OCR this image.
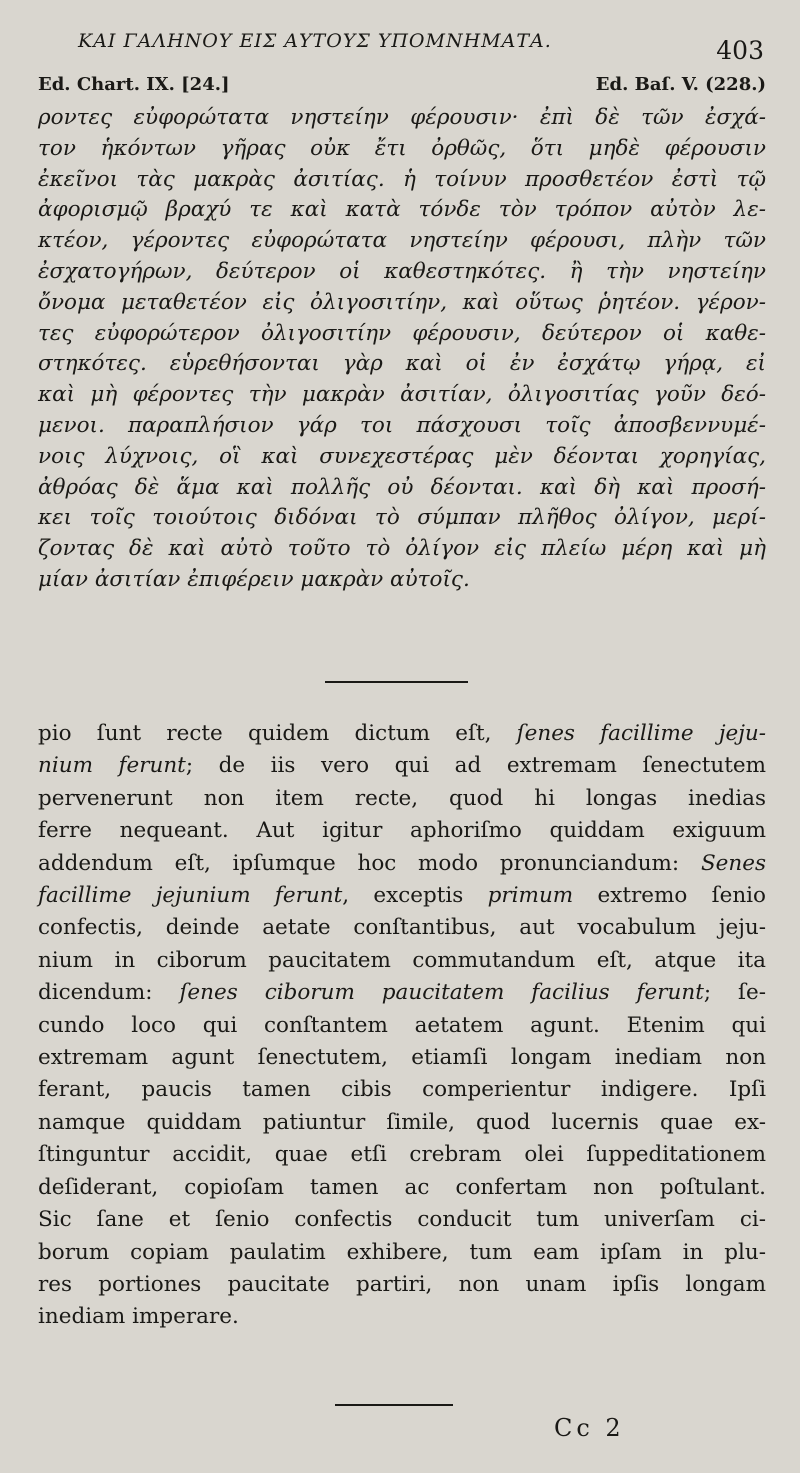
ΚΑΙ ΓΑΛΗΝΟΥ ΕΙΣ ΑΥΤΟΥΣ ΥΠΟΜΝΗΜΑΤΑ.	403
Ed. Chart. IX. [24.]	Ed. Baſ. V. (228.)
ροντες εὐφορώτατα νηστείην φέρουσιν· ἐπὶ δὲ τῶν ἐσχά-
τον ἡκόντων γῆρας οὐκ ἔτι ὀρθῶς, ὅτι μηδὲ φέρουσιν
ἐκεῖνοι τὰς μακρὰς ἀσιτίας. ἡ τοίνυν προσθετέον ἐστὶ τῷ
ἀφορισμῷ βραχύ τε καὶ κατὰ τόνδε τὸν τρόπον αὐτὸν λε-
κτέον, γέροντες εὐφορώτατα νηστείην φέρουσι, πλὴν τῶν
ἐσχατογήρων, δεύτερον οἱ καθεστηκότες. ἢ τὴν νηστείην
ὄνομα μεταθετέον εἰς ὀλιγοσιτίην, καὶ οὕτως ῥητέον. γέρον-
τες εὐφορώτερον ὀλιγοσιτίην φέρουσιν, δεύτερον οἱ καθε-
στηκότες. εὑρεθήσονται γὰρ καὶ οἱ ἐν ἐσχάτῳ γήρᾳ, εἰ
καὶ μὴ φέροντες τὴν μακρὰν ἀσιτίαν, ὀλιγοσιτίας γοῦν δεό-
μενοι. παραπλήσιον γάρ τοι πάσχουσι τοῖς ἀποσβεννυμέ-
νοις λύχνοις, οἳ καὶ συνεχεστέρας μὲν δέονται χορηγίας,
ἀθρόας δὲ ἅμα καὶ πολλῆς οὐ δέονται. καὶ δὴ καὶ προσή-
κει τοῖς τοιούτοις διδόναι τὸ σύμπαν πλῆθος ὀλίγον, μερί-
ζοντας δὲ καὶ αὐτὸ τοῦτο τὸ ὀλίγον εἰς πλείω μέρη καὶ μὴ
μίαν ἀσιτίαν ἐπιφέρειν μακρὰν αὐτοῖς.
pio ſunt recte quidem dictum eſt, ſenes facillime jeju-
nium ferunt; de iis vero qui ad extremam ſenectutem
pervenerunt non item recte, quod hi longas inedias
ferre nequeant. Aut igitur aphoriſmo quiddam exiguum
addendum eſt, ipſumque hoc modo pronunciandum: Senes
facillime jejunium ferunt, exceptis primum extremo ſenio
confectis, deinde aetate conſtantibus, aut vocabulum jeju-
nium in ciborum paucitatem commutandum eſt, atque ita
dicendum: ſenes ciborum paucitatem facilius ferunt; ſe-
cundo loco qui conſtantem aetatem agunt. Etenim qui
extremam agunt ſenectutem, etiamſi longam inediam non
ferant, paucis tamen cibis comperientur indigere. Ipſi
namque quiddam patiuntur ſimile, quod lucernis quae ex-
ſtinguntur accidit, quae etſi crebram olei ſuppeditationem
deſiderant, copioſam tamen ac confertam non poſtulant.
Sic ſane et ſenio confectis conducit tum univerſam ci-
borum copiam paulatim exhibere, tum eam ipſam in plu-
res portiones paucitate partiri, non unam ipſis longam
inediam imperare.
Cc 2
